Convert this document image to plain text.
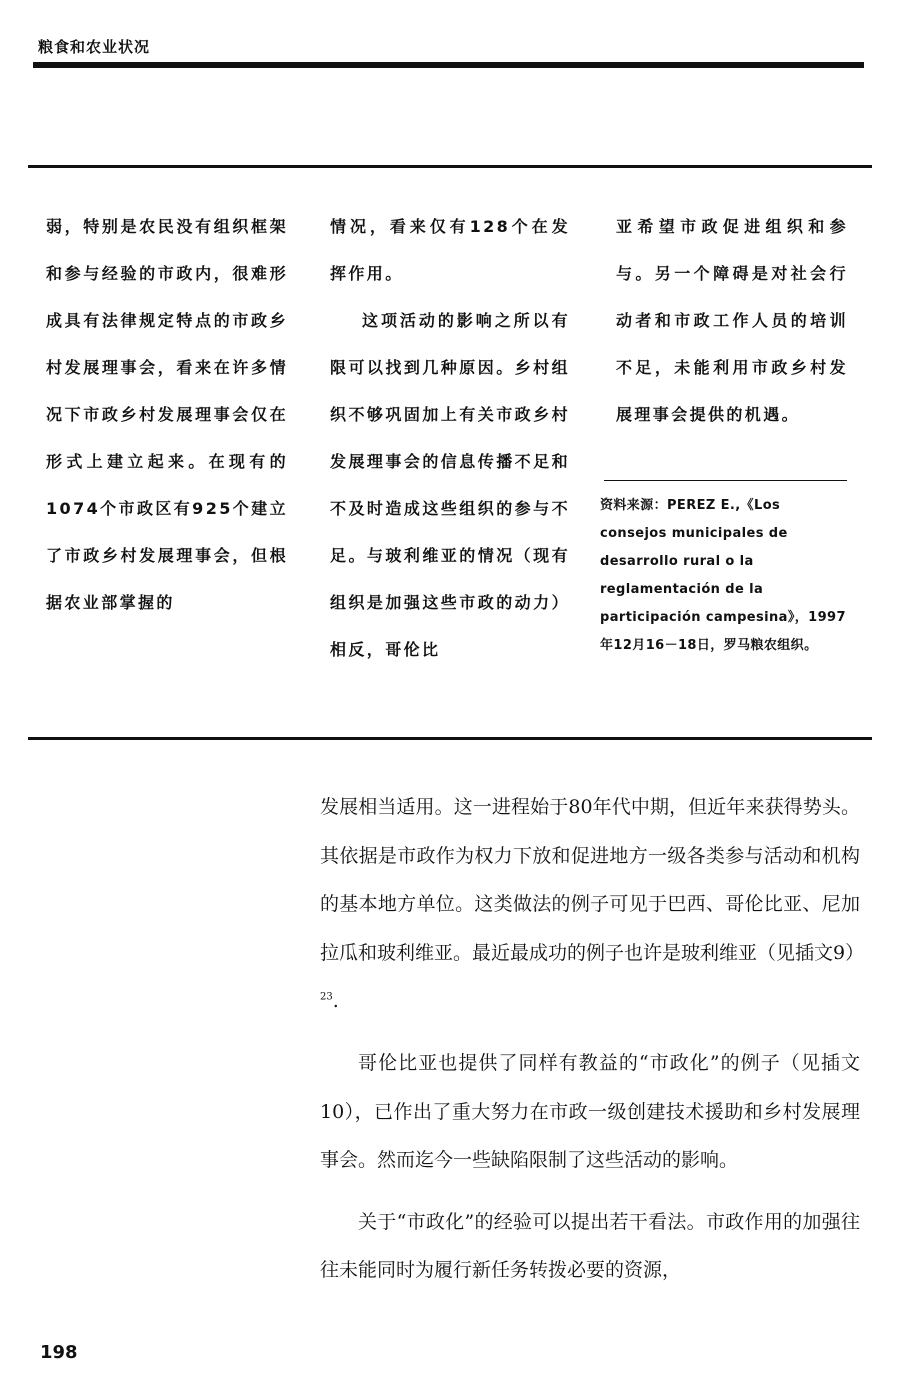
粮食和农业状况

弱，特别是农民没有组织框架和参与经验的市政内，很难形成具有法律规定特点的市政乡村发展理事会，看来在许多情况下市政乡村发展理事会仅在形式上建立起来。在现有的1074个市政区有925个建立了市政乡村发展理事会，但根据农业部掌握的

情况，看来仅有128个在发挥作用。

这项活动的影响之所以有限可以找到几种原因。乡村组织不够巩固加上有关市政乡村发展理事会的信息传播不足和不及时造成这些组织的参与不足。与玻利维亚的情况（现有组织是加强这些市政的动力）相反，哥伦比

亚希望市政促进组织和参与。另一个障碍是对社会行动者和市政工作人员的培训不足，未能利用市政乡村发展理事会提供的机遇。

资料来源：PEREZ E.,《Los consejos municipales de desarrollo rural o la reglamentación de la participación campesina》，1997年12月16－18日，罗马粮农组织。

发展相当适用。这一进程始于80年代中期，但近年来获得势头。其依据是市政作为权力下放和促进地方一级各类参与活动和机构的基本地方单位。这类做法的例子可见于巴西、哥伦比亚、尼加拉瓜和玻利维亚。最近最成功的例子也许是玻利维亚（见插文9）$^{23}$.

哥伦比亚也提供了同样有教益的“市政化”的例子（见插文10），已作出了重大努力在市政一级创建技术援助和乡村发展理事会。然而迄今一些缺陷限制了这些活动的影响。

关于“市政化”的经验可以提出若干看法。市政作用的加强往往未能同时为履行新任务转拨必要的资源，

198
